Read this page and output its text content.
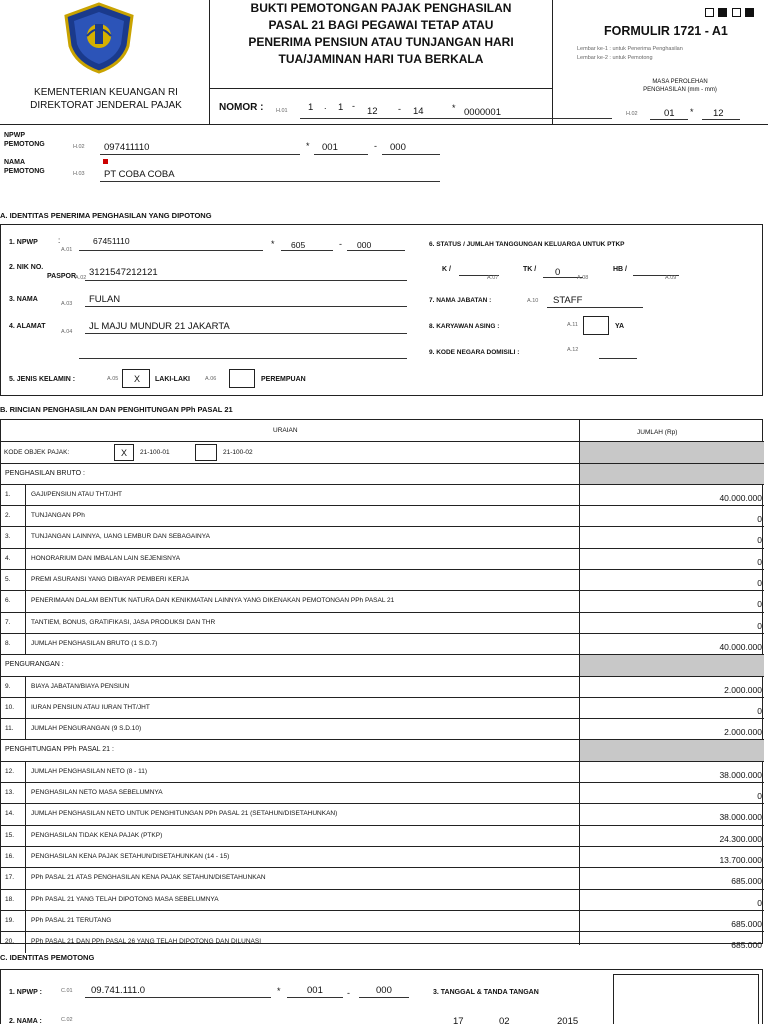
KEMENTERIAN KEUANGAN RI
DIREKTORAT JENDERAL PAJAK
BUKTI PEMOTONGAN PAJAK PENGHASILAN
PASAL 21 BAGI PEGAWAI TETAP ATAU
PENERIMA PENSIUN ATAU TUNJANGAN HARI
TUA/JAMINAN HARI TUA BERKALA

FORMULIR 1721 - A1
Lembar ke-1 : untuk Penerima Penghasilan
Lembar ke-2 : untuk Pemotong
MASA PEROLEHAN
PENGHASILAN (mm - mm)
H.02	01 * 12
NOMOR : H.01 1 . 1 - 12 - 14	* 0000001
NPWP
PEMOTONG	H.02 097411110	* 001	- 000
NAMA
PEMOTONG	H.03 PT COBA COBA
A. IDENTITAS PENERIMA PENGHASILAN YANG DIPOTONG
1. NPWP
A.01
:	67451110	* 605	- 000
2. NIK NO.
PASPOR
A.02 3121547212121
3. NAMA
A.03 FULAN
4. ALAMAT
A.04 JL MAJU MUNDUR 21 JAKARTA
5. JENIS KELAMIN :	A.05 X LAKI-LAKI	A.06	PEREMPUAN
6. STATUS / JUMLAH TANGGUNGAN KELUARGA UNTUK PTKP
K /
A.07
TK / 0	A.08
HB /
A.09
7. NAMA JABATAN :	A.10 STAFF
8. KARYAWAN ASING :	A.11	YA
9. KODE NEGARA DOMISILI :	A.12
B. RINCIAN PENGHASILAN DAN PENGHITUNGAN PPh PASAL 21
URAIAN	JUMLAH (Rp)
KODE OBJEK PAJAK:	X 21-100-01	21-100-02
PENGHASILAN BRUTO :
1.	GAJI/PENSIUN ATAU THT/JHT	40.000.000
2.	TUNJANGAN PPh	0
3.	TUNJANGAN LAINNYA, UANG LEMBUR DAN SEBAGAINYA	0
4.	HONORARIUM DAN IMBALAN LAIN SEJENISNYA	0
5.	PREMI ASURANSI YANG DIBAYAR PEMBERI KERJA	0
6.	PENERIMAAN DALAM BENTUK NATURA DAN KENIKMATAN LAINNYA YANG DIKENAKAN PEMOTONGAN PPh PASAL 21	0
7.	TANTIEM, BONUS, GRATIFIKASI, JASA PRODUKSI DAN THR	0
8.	JUMLAH PENGHASILAN BRUTO (1 S.D.7)	40.000.000
PENGURANGAN :
9.	BIAYA JABATAN/BIAYA PENSIUN	2.000.000
10.	IURAN PENSIUN ATAU IURAN THT/JHT	0
11.	JUMLAH PENGURANGAN (9 S.D.10)	2.000.000
PENGHITUNGAN PPh PASAL 21 :
12.	JUMLAH PENGHASILAN NETO (8 - 11)	38.000.000
13.	PENGHASILAN NETO MASA SEBELUMNYA	0
14.	JUMLAH PENGHASILAN NETO UNTUK PENGHITUNGAN PPh PASAL 21 (SETAHUN/DISETAHUNKAN)	38.000.000
15.	PENGHASILAN TIDAK KENA PAJAK (PTKP)	24.300.000
16.	PENGHASILAN KENA PAJAK SETAHUN/DISETAHUNKAN (14 - 15)	13.700.000
17.	PPh PASAL 21 ATAS PENGHASILAN KENA PAJAK SETAHUN/DISETAHUNKAN	685.000
18.	PPh PASAL 21 YANG TELAH DIPOTONG MASA SEBELUMNYA	0
19.	PPh PASAL 21 TERUTANG	685.000
20.	PPh PASAL 21 DAN PPh PASAL 26 YANG TELAH DIPOTONG DAN DILUNASI	685.000
C. IDENTITAS PEMOTONG
1. NPWP :	C.01 09.741.111.0	*	001	-	000	3. TANGGAL & TANDA TANGAN
2. NAMA :	C.02	17	02	2015
